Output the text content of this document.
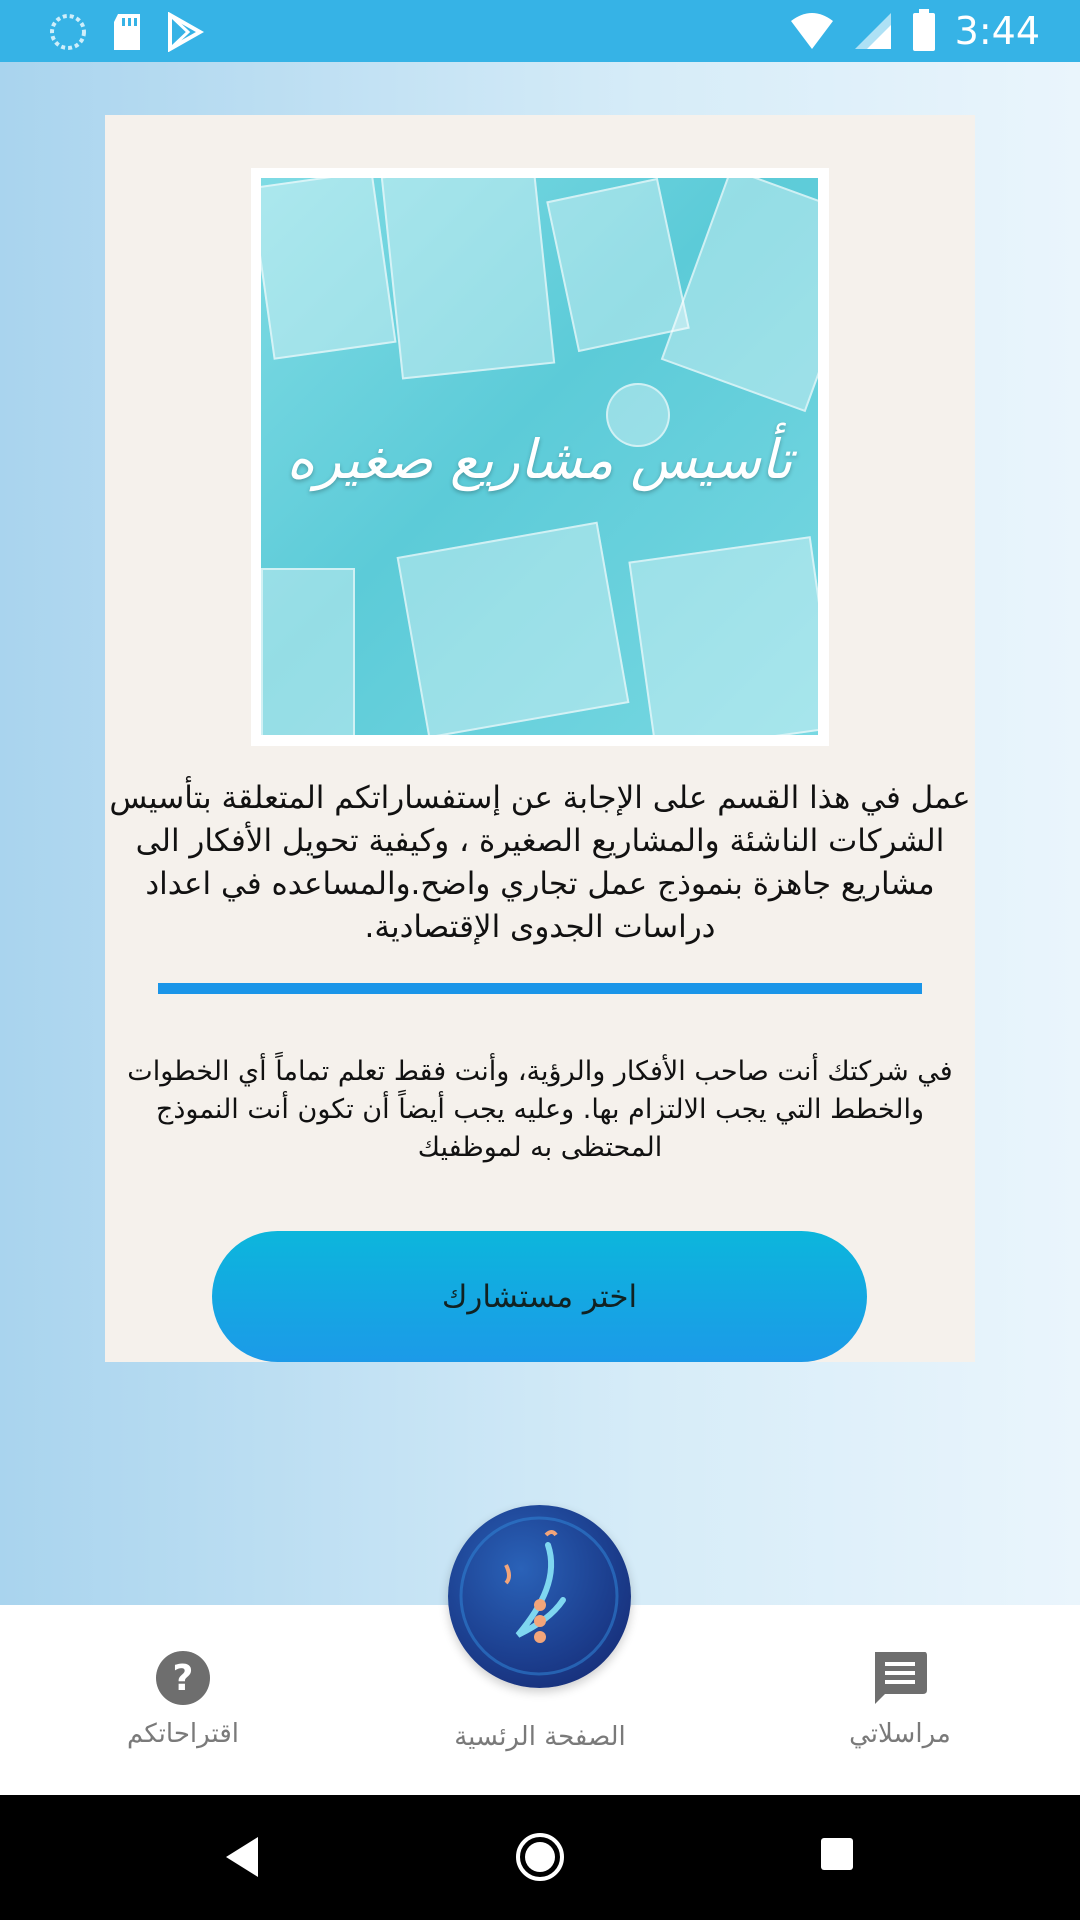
3:44
تأسيس مشاريع صغيره
عمل في هذا القسم على الإجابة عن إستفساراتكم المتعلقة بتأسيس الشركات الناشئة والمشاريع الصغيرة ، وكيفية تحويل الأفكار الى مشاريع جاهزة بنموذج عمل تجاري واضح.والمساعده في اعداد دراسات الجدوى الإقتصادية.
في شركتك أنت صاحب الأفكار والرؤية، وأنت فقط تعلم تماماً أي الخطوات والخطط التي يجب الالتزام بها. وعليه يجب أيضاً أن تكون أنت النموذج المحتظى به لموظفيك
اختر مستشارك
?
اقتراحاتكم	الصفحة الرئسية	مراسلاتي
